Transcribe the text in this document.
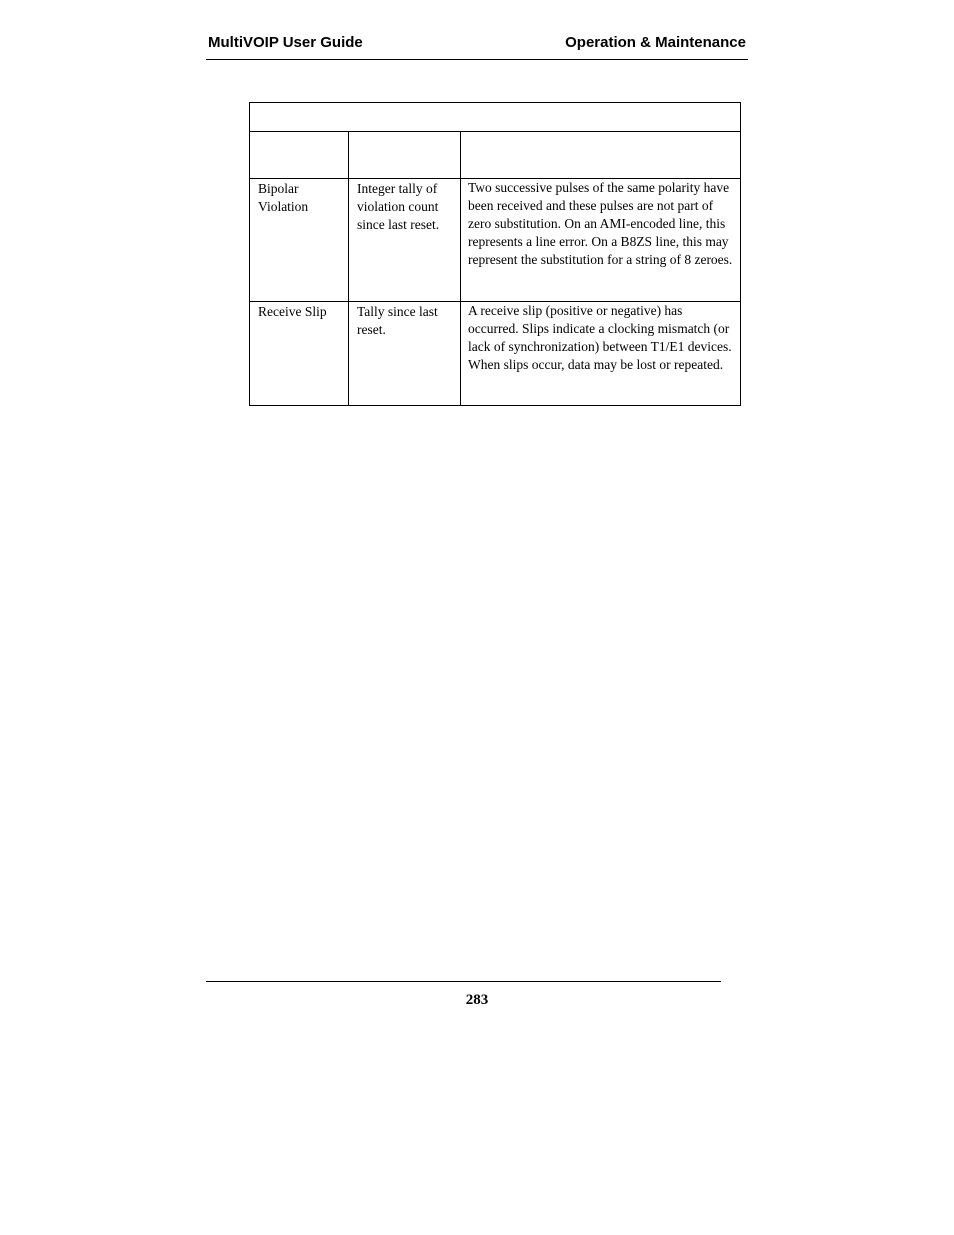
MultiVOIP User Guide	Operation & Maintenance

Bipolar Violation	Integer tally of violation count since last reset.	Two successive pulses of the same polarity have been received and these pulses are not part of zero substitution. On an AMI-encoded line, this represents a line error. On a B8ZS line, this may represent the substitution for a string of 8 zeroes.

Receive Slip	Tally since last reset.	A receive slip (positive or negative) has occurred. Slips indicate a clocking mismatch (or lack of synchronization) between T1/E1 devices. When slips occur, data may be lost or repeated.
283
